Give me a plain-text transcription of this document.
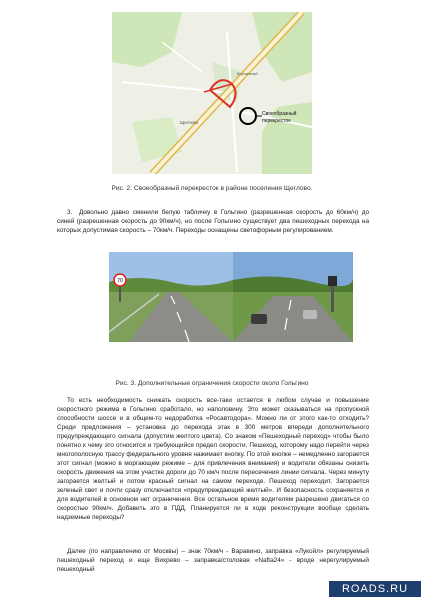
Кирпичный
Щеглово
Своеобразный
перекресток
Рис. 2. Своеобразный перекресток в районе поселения Щеглово.

3. Довольно давно сменили белую табличку в Гольгино (разрешенная скорость до 60км/ч) до синей (разрешенная скорость до 90км/ч), но после Гольгино существует два пешеходных перехода на которых допустимая скорость – 70км/ч. Переходы оснащены светофорным регулированием.

70
Рис. 3. Дополнительные ограничения скорости около Гольгино

То есть необходимость снижать скорость все-таки остается в любом случае и повышение скоростного режима в Гольгино сработало, но наполовину. Это может сказываться на пропускной способности шоссе и в общем-то недоработка «Росавтодора». Можно ли от этого как-то отходить? Среди предложения – установка до перехода этак в 300 метров впереди дополнительного предупреждающего сигнала (допустим желтого цвета). Со знаком «Пешеходный переход» чтобы было понятно к чему это относится и требующийся предел скорости. Пешеход, которому надо перейти через многополосную трассу федерального уровня нажимает кнопку. По этой кнопке – немедленно загорается этот сигнал (можно в моргающем режиме – для привлечения внимания) и водители обязаны снизить скорость движения на этом участке дороги до 70 км/ч после пересечения линии сигнала. Через минуту загорается желтый и потом красный сигнал на самом переходе. Пешеход переходит. Загорается зеленый свет и почти сразу отключается «предупреждающий желтый». И безопасность сохраняется и для водителей в основном нет ограничения. Все остальное время водителям разрешено двигаться со скоростью 90км/ч. Добавить это в ПДД. Планируется ли в ходе реконструкции вообще сделать надземные переходы?

Далее (по направлению от Москвы) – знак 70км/ч - Варавино, заправка «Лукойл» регулируемый пешеходный переход и еще Вихрево – заправка/столовая «Nafta24» - вроде нерегулируемый пешеходный

ROADS.RU
